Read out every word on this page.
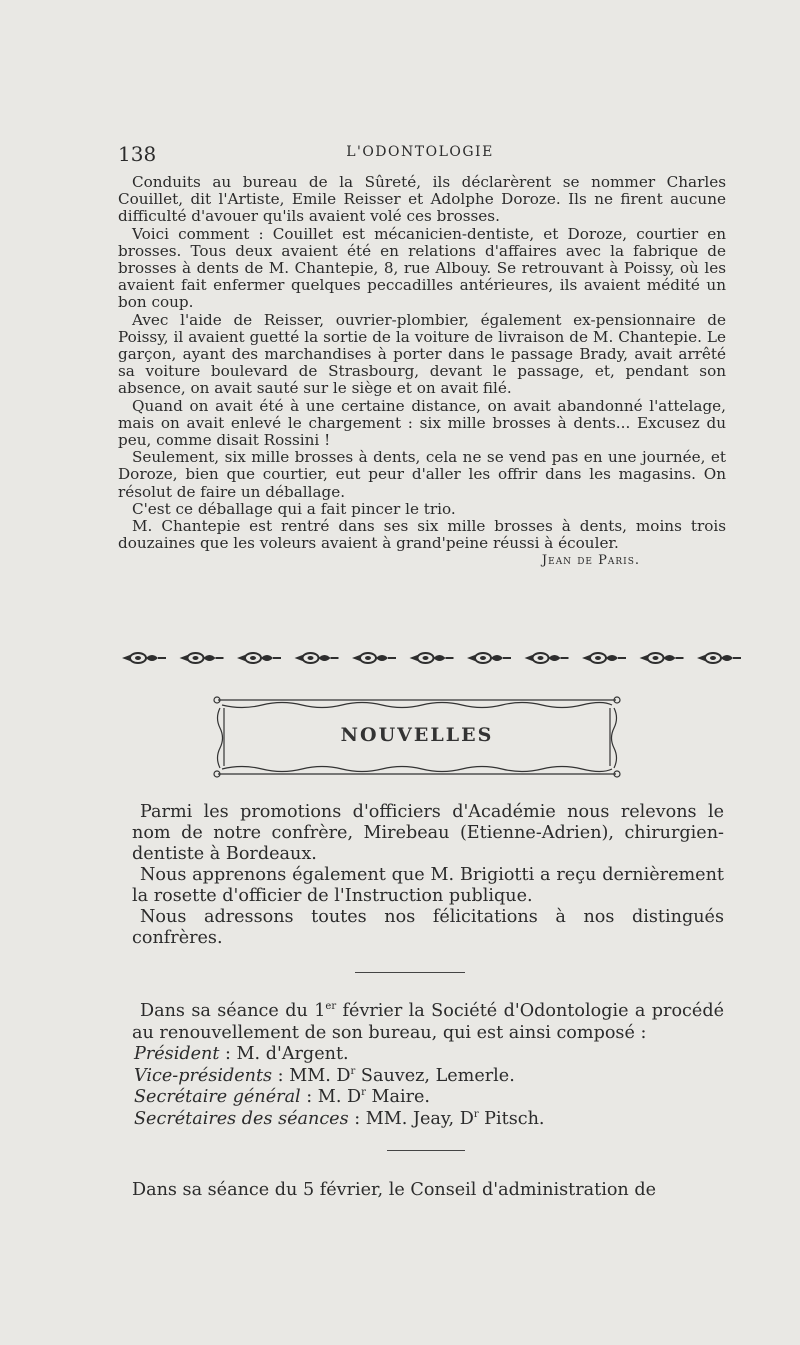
138	L'ODONTOLOGIE

Conduits au bureau de la Sûreté, ils déclarèrent se nommer Charles Couillet, dit l'Artiste, Emile Reisser et Adolphe Doroze. Ils ne firent aucune difficulté d'avouer qu'ils avaient volé ces brosses.

Voici comment : Couillet est mécanicien-dentiste, et Doroze, courtier en brosses. Tous deux avaient été en relations d'affaires avec la fabrique de brosses à dents de M. Chantepie, 8, rue Albouy. Se retrouvant à Poissy, où les avaient fait enfermer quelques peccadilles antérieures, ils avaient médité un bon coup.

Avec l'aide de Reisser, ouvrier-plombier, également ex-pensionnaire de Poissy, il avaient guetté la sortie de la voiture de livraison de M. Chantepie. Le garçon, ayant des marchandises à porter dans le passage Brady, avait arrêté sa voiture boulevard de Strasbourg, devant le passage, et, pendant son absence, on avait sauté sur le siège et on avait filé.

Quand on avait été à une certaine distance, on avait abandonné l'attelage, mais on avait enlevé le chargement : six mille brosses à dents... Excusez du peu, comme disait Rossini !

Seulement, six mille brosses à dents, cela ne se vend pas en une journée, et Doroze, bien que courtier, eut peur d'aller les offrir dans les magasins. On résolut de faire un déballage.

C'est ce déballage qui a fait pincer le trio.

M. Chantepie est rentré dans ses six mille brosses à dents, moins trois douzaines que les voleurs avaient à grand'peine réussi à écouler.

Jean de Paris.
NOUVELLES

Parmi les promotions d'officiers d'Académie nous relevons le nom de notre confrère, Mirebeau (Etienne-Adrien), chirurgien-dentiste à Bordeaux.

Nous apprenons également que M. Brigiotti a reçu dernièrement la rosette d'officier de l'Instruction publique.

Nous adressons toutes nos félicitations à nos distingués confrères.

Dans sa séance du 1er février la Société d'Odontologie a procédé au renouvellement de son bureau, qui est ainsi composé :

Président : M. d'Argent.

Vice-présidents : MM. $D^r$ Sauvez, Lemerle.

Secrétaire général : M. $D^r$ Maire.

Secrétaires des séances : MM. Jeay, $D^r$ Pitsch.

Dans sa séance du 5 février, le Conseil d'administration de
